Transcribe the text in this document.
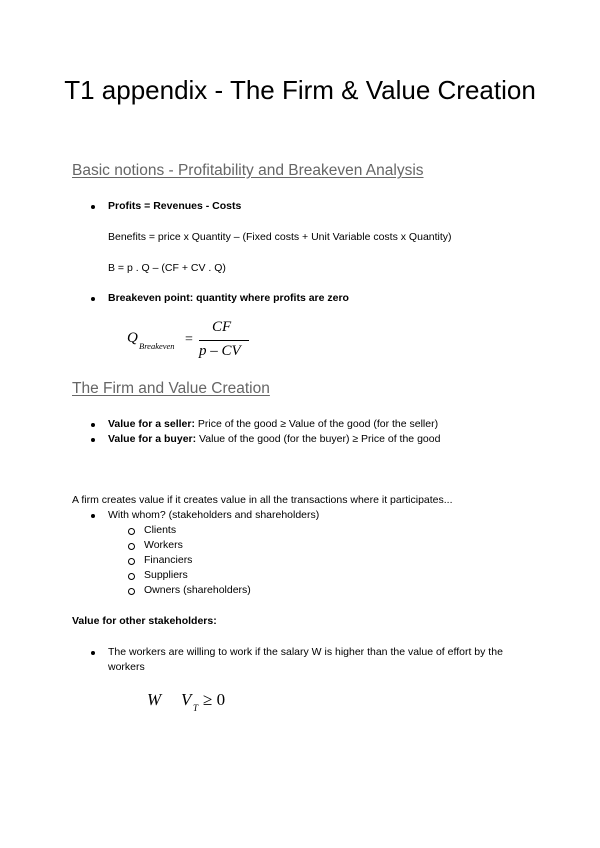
T1 appendix - The Firm & Value Creation
Basic notions - Profitability and Breakeven Analysis
Profits = Revenues - Costs
Benefits = price x Quantity – (Fixed costs + Unit Variable costs x Quantity)
B = p . Q – (CF + CV . Q)
Breakeven point: quantity where profits are zero
Q Breakeven =
CF
p – CV
The Firm and Value Creation
Value for a seller: Price of the good ≥ Value of the good (for the seller)
Value for a buyer: Value of the good (for the buyer) ≥ Price of the good
A firm creates value if it creates value in all the transactions where it participates...
With whom? (stakeholders and shareholders)
Clients
Workers
Financiers
Suppliers
Owners (shareholders)
Value for other stakeholders:
The workers are willing to work if the salary W is higher than the value of effort by the
workers
W V T ≥ 0
